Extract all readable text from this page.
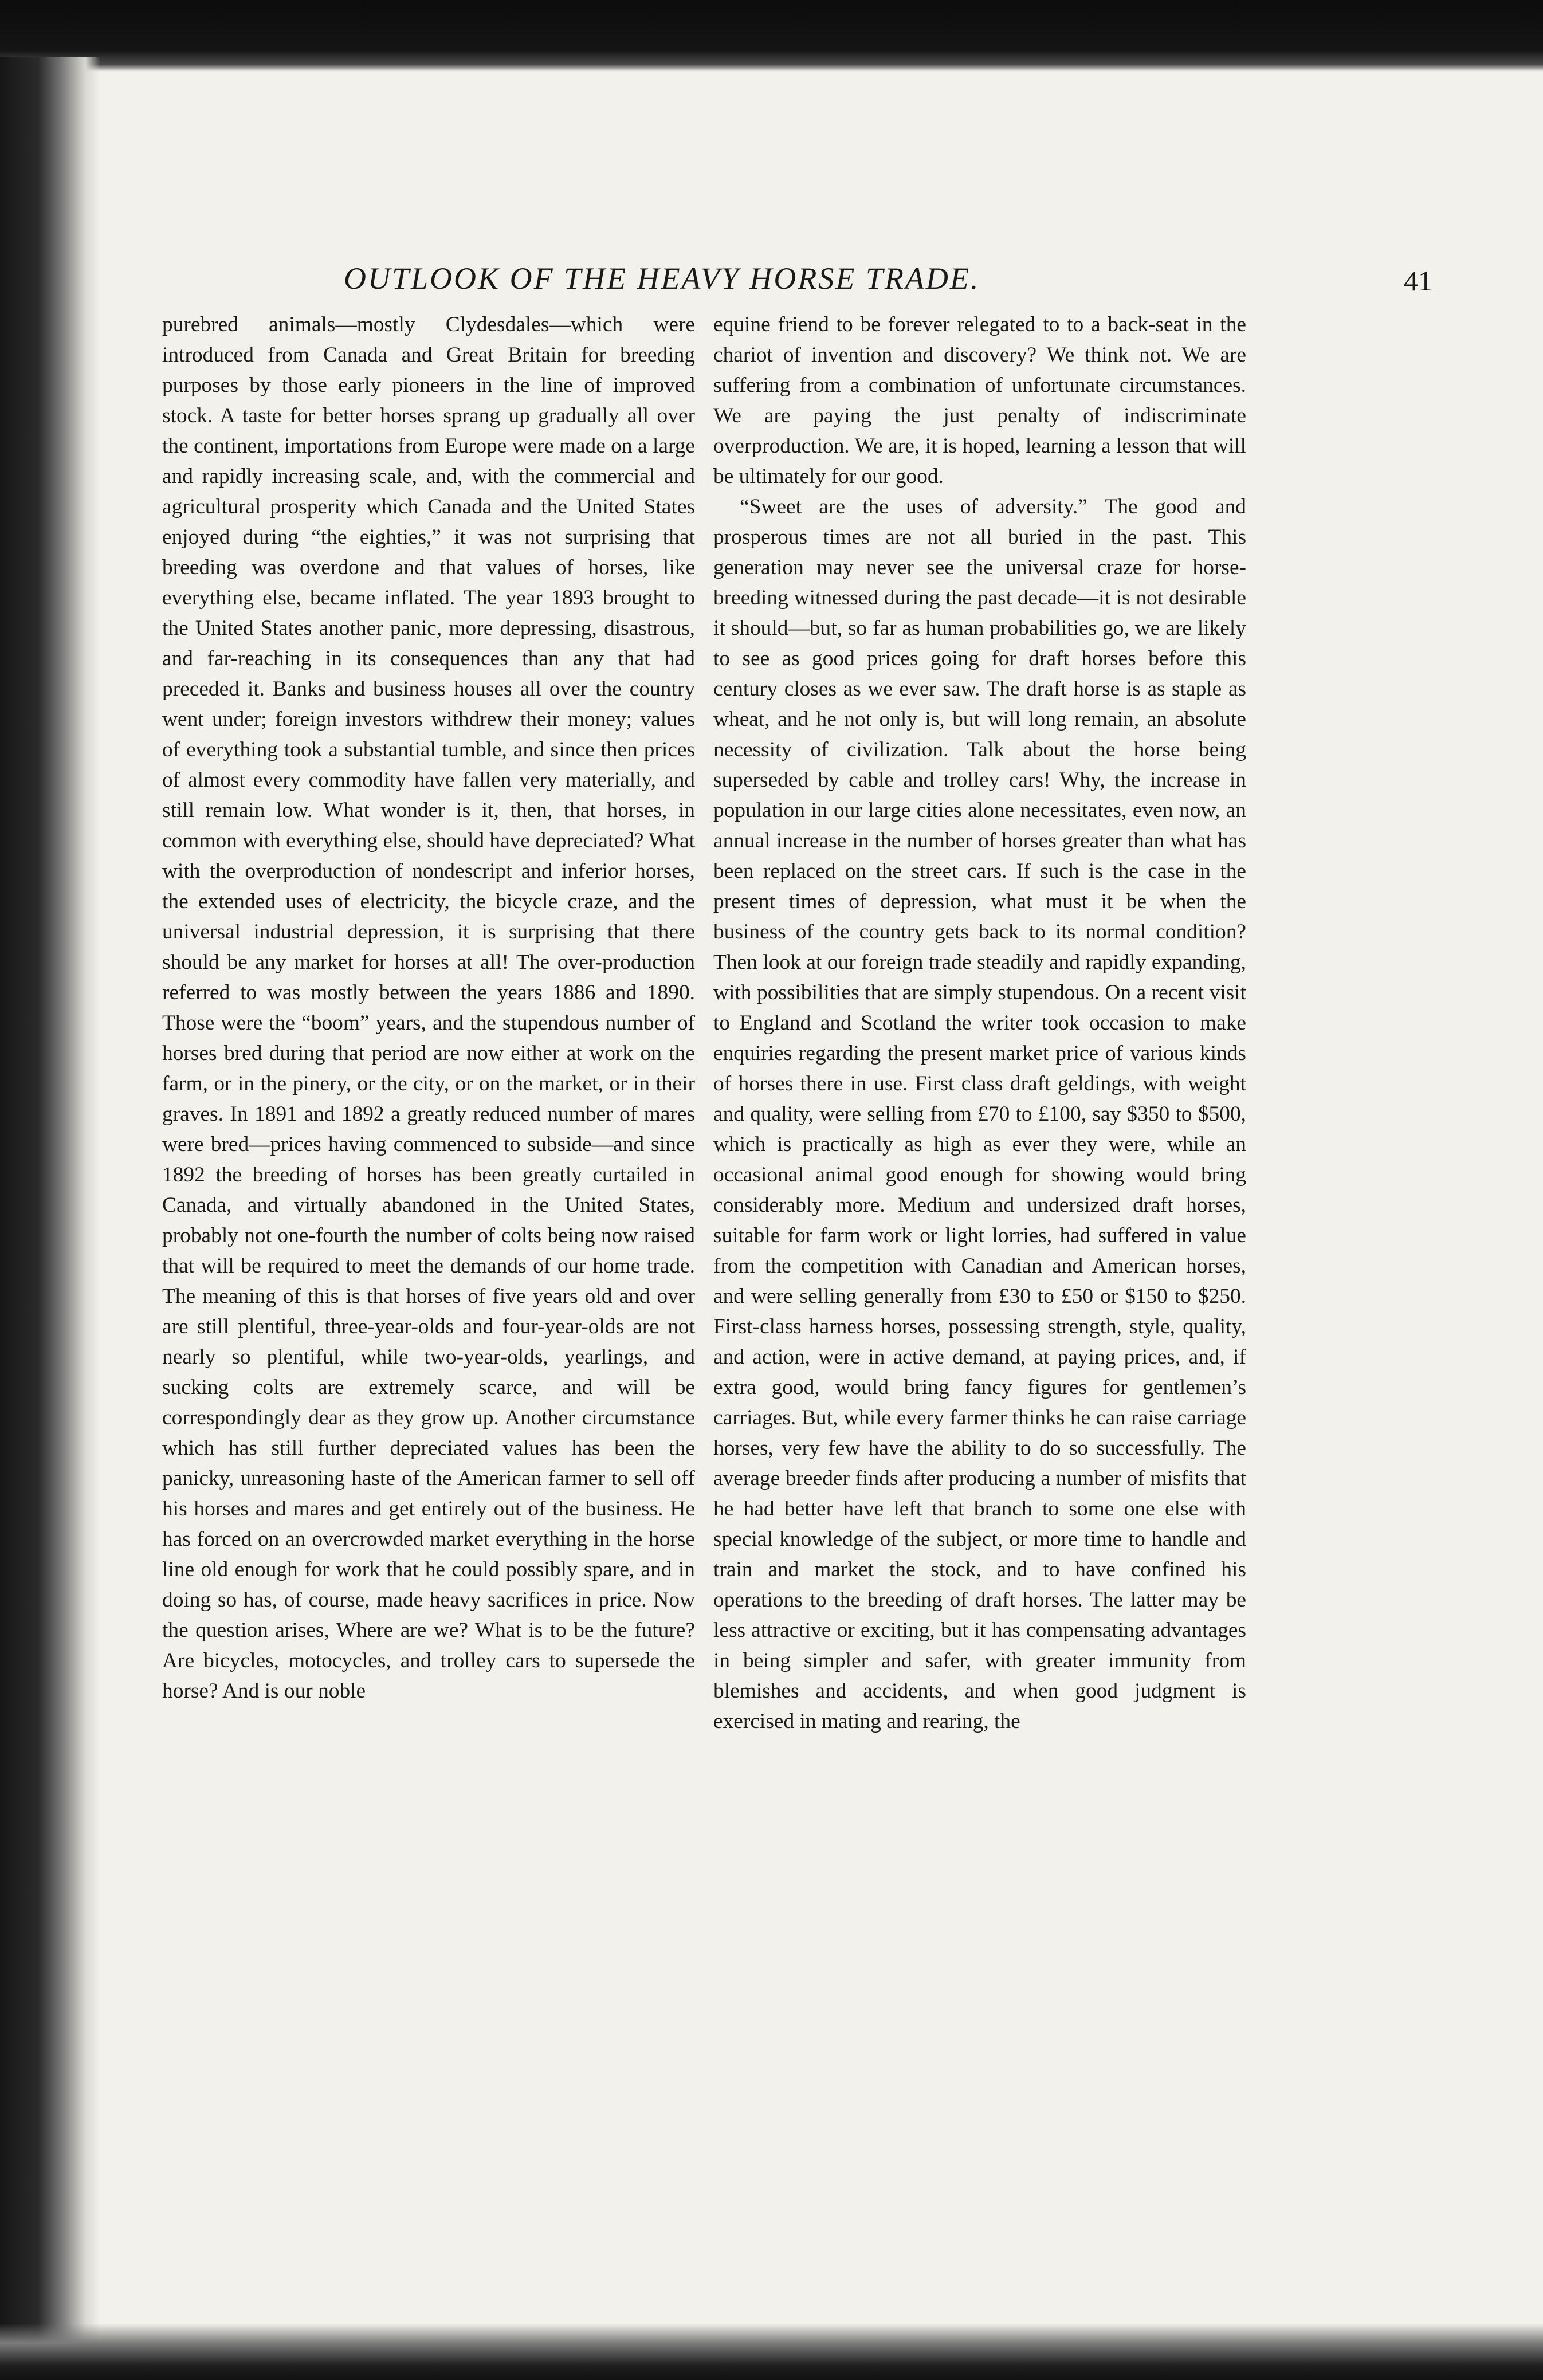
OUTLOOK OF THE HEAVY HORSE TRADE.	41

purebred animals—mostly Clydesdales—which were introduced from Canada and Great Britain for breeding purposes by those early pioneers in the line of improved stock. A taste for better horses sprang up gradually all over the continent, importations from Europe were made on a large and rapidly increasing scale, and, with the commercial and agricultural prosperity which Canada and the United States enjoyed during “the eighties,” it was not surprising that breeding was overdone and that values of horses, like everything else, became inflated. The year 1893 brought to the United States another panic, more depressing, disastrous, and far-reaching in its consequences than any that had preceded it. Banks and business houses all over the country went under; foreign investors withdrew their money; values of everything took a substantial tumble, and since then prices of almost every commodity have fallen very materially, and still remain low. What wonder is it, then, that horses, in common with everything else, should have depreciated? What with the overproduction of nondescript and inferior horses, the extended uses of electricity, the bicycle craze, and the universal industrial depression, it is surprising that there should be any market for horses at all! The over-production referred to was mostly between the years 1886 and 1890. Those were the “boom” years, and the stupendous number of horses bred during that period are now either at work on the farm, or in the pinery, or the city, or on the market, or in their graves. In 1891 and 1892 a greatly reduced number of mares were bred—prices having commenced to subside—and since 1892 the breeding of horses has been greatly curtailed in Canada, and virtually abandoned in the United States, probably not one-fourth the number of colts being now raised that will be required to meet the demands of our home trade. The meaning of this is that horses of five years old and over are still plentiful, three-year-olds and four-year-olds are not nearly so plentiful, while two-year-olds, yearlings, and sucking colts are extremely scarce, and will be correspondingly dear as they grow up. Another circumstance which has still further depreciated values has been the panicky, unreasoning haste of the American farmer to sell off his horses and mares and get entirely out of the business. He has forced on an overcrowded market everything in the horse line old enough for work that he could possibly spare, and in doing so has, of course, made heavy sacrifices in price. Now the question arises, Where are we? What is to be the future? Are bicycles, motocycles, and trolley cars to supersede the horse? And is our noble

equine friend to be forever relegated to to a back-seat in the chariot of invention and discovery? We think not. We are suffering from a combination of unfortunate circumstances. We are paying the just penalty of indiscriminate overproduction. We are, it is hoped, learning a lesson that will be ultimately for our good.

“Sweet are the uses of adversity.” The good and prosperous times are not all buried in the past. This generation may never see the universal craze for horse-breeding witnessed during the past decade—it is not desirable it should—but, so far as human probabilities go, we are likely to see as good prices going for draft horses before this century closes as we ever saw. The draft horse is as staple as wheat, and he not only is, but will long remain, an absolute necessity of civilization. Talk about the horse being superseded by cable and trolley cars! Why, the increase in population in our large cities alone necessitates, even now, an annual increase in the number of horses greater than what has been replaced on the street cars. If such is the case in the present times of depression, what must it be when the business of the country gets back to its normal condition? Then look at our foreign trade steadily and rapidly expanding, with possibilities that are simply stupendous. On a recent visit to England and Scotland the writer took occasion to make enquiries regarding the present market price of various kinds of horses there in use. First class draft geldings, with weight and quality, were selling from £70 to £100, say $350 to $500, which is practically as high as ever they were, while an occasional animal good enough for showing would bring considerably more. Medium and undersized draft horses, suitable for farm work or light lorries, had suffered in value from the competition with Canadian and American horses, and were selling generally from £30 to £50 or $150 to $250. First-class harness horses, possessing strength, style, quality, and action, were in active demand, at paying prices, and, if extra good, would bring fancy figures for gentlemen’s carriages. But, while every farmer thinks he can raise carriage horses, very few have the ability to do so successfully. The average breeder finds after producing a number of misfits that he had better have left that branch to some one else with special knowledge of the subject, or more time to handle and train and market the stock, and to have confined his operations to the breeding of draft horses. The latter may be less attractive or exciting, but it has compensating advantages in being simpler and safer, with greater immunity from blemishes and accidents, and when good judgment is exercised in mating and rearing, the
